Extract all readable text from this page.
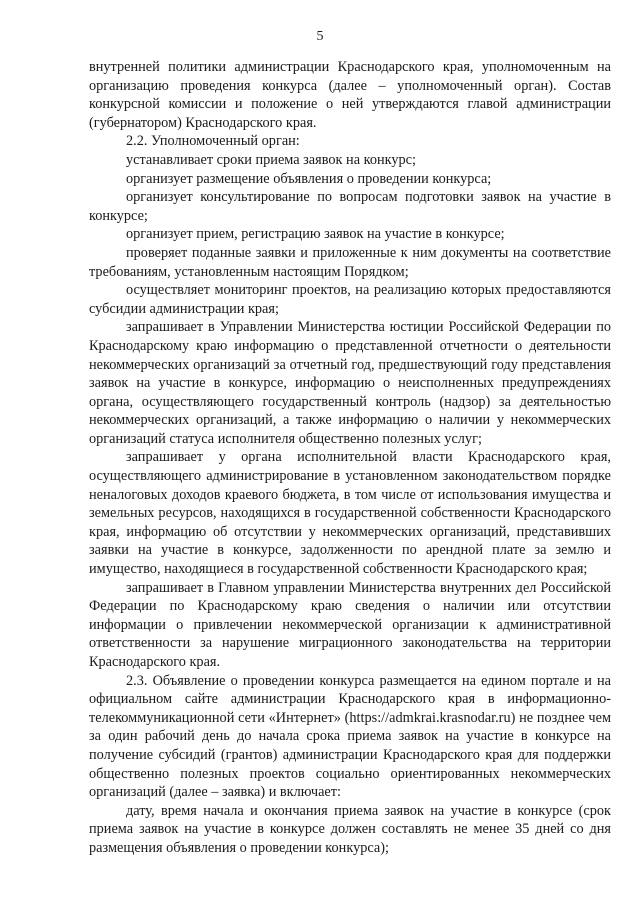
5

внутренней политики администрации Краснодарского края, уполномоченным на организацию проведения конкурса (далее – уполномоченный орган). Состав конкурсной комиссии и положение о ней утверждаются главой администрации (губернатором) Краснодарского края.

2.2. Уполномоченный орган:

устанавливает сроки приема заявок на конкурс;

организует размещение объявления о проведении конкурса;

организует консультирование по вопросам подготовки заявок на участие в конкурсе;

организует прием, регистрацию заявок на участие в конкурсе;

проверяет поданные заявки и приложенные к ним документы на соответствие требованиям, установленным настоящим Порядком;

осуществляет мониторинг проектов, на реализацию которых предоставляются субсидии администрации края;

запрашивает в Управлении Министерства юстиции Российской Федерации по Краснодарскому краю информацию о представленной отчетности о деятельности некоммерческих организаций за отчетный год, предшествующий году представления заявок на участие в конкурсе, информацию о неисполненных предупреждениях органа, осуществляющего государственный контроль (надзор) за деятельностью некоммерческих организаций, а также информацию о наличии у некоммерческих организаций статуса исполнителя общественно полезных услуг;

запрашивает у органа исполнительной власти Краснодарского края, осуществляющего администрирование в установленном законодательством порядке неналоговых доходов краевого бюджета, в том числе от использования имущества и земельных ресурсов, находящихся в государственной собственности Краснодарского края, информацию об отсутствии у некоммерческих организаций, представивших заявки на участие в конкурсе, задолженности по арендной плате за землю и имущество, находящиеся в государственной собственности Краснодарского края;

запрашивает в Главном управлении Министерства внутренних дел Российской Федерации по Краснодарскому краю сведения о наличии или отсутствии информации о привлечении некоммерческой организации к административной ответственности за нарушение миграционного законодательства на территории Краснодарского края.

2.3. Объявление о проведении конкурса размещается на едином портале и на официальном сайте администрации Краснодарского края в информационно-телекоммуникационной сети «Интернет» (https://admkrai.krasnodar.ru) не позднее чем за один рабочий день до начала срока приема заявок на участие в конкурсе на получение субсидий (грантов) администрации Краснодарского края для поддержки общественно полезных проектов социально ориентированных некоммерческих организаций (далее – заявка) и включает:

дату, время начала и окончания приема заявок на участие в конкурсе (срок приема заявок на участие в конкурсе должен составлять не менее 35 дней со дня размещения объявления о проведении конкурса);
